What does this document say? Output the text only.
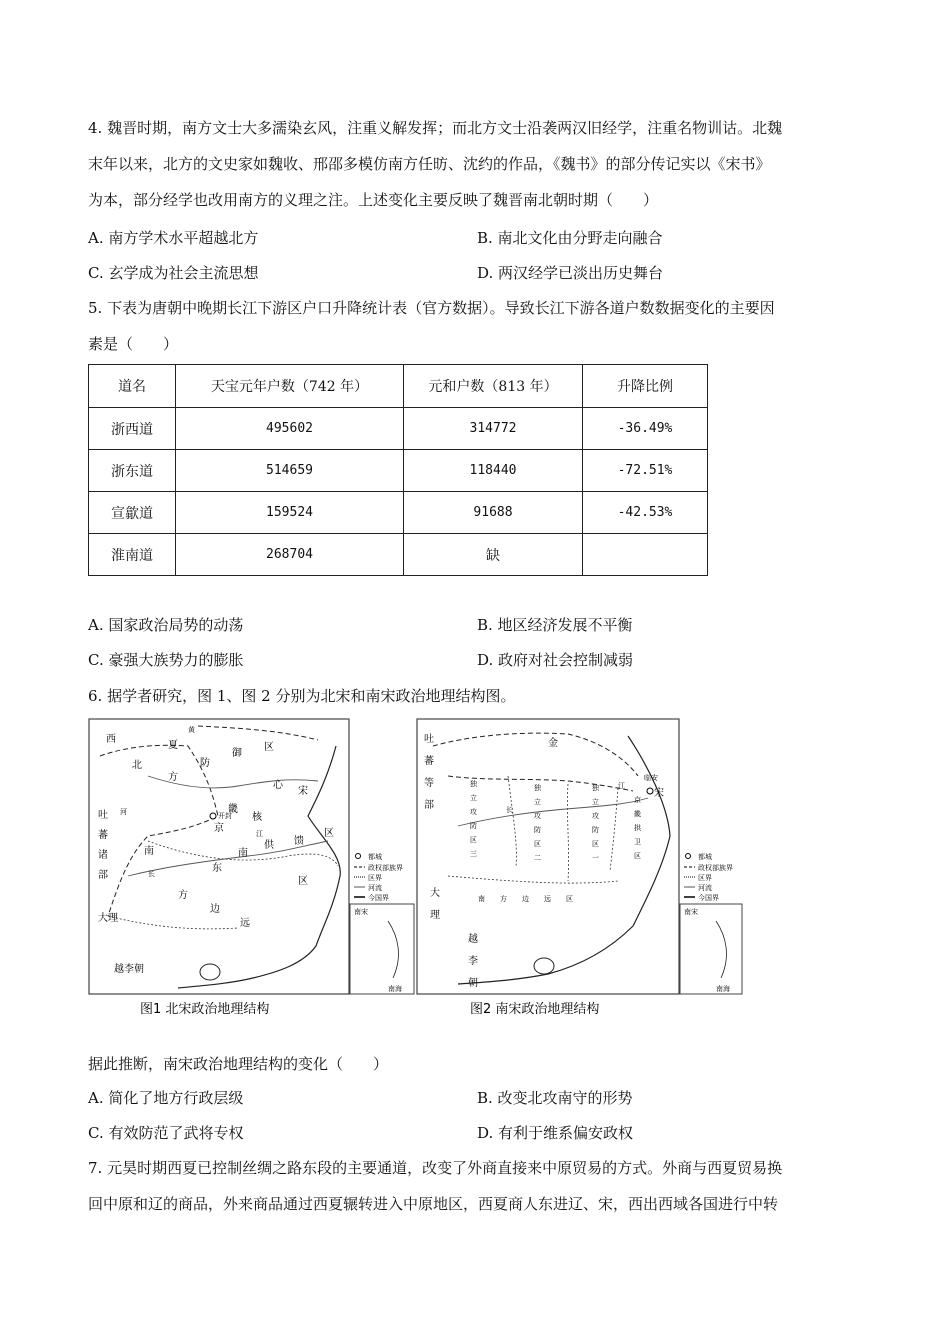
4. 魏晋时期，南方文士大多濡染玄风，注重义解发挥；而北方文士沿袭两汉旧经学，注重名物训诂。北魏
末年以来，北方的文史家如魏收、邢邵多模仿南方任昉、沈约的作品，《魏书》的部分传记实以《宋书》
为本，部分经学也改用南方的义理之注。上述变化主要反映了魏晋南北朝时期（　　）

A. 南方学术水平超越北方	B. 南北文化由分野走向融合
C. 玄学成为社会主流思想	D. 两汉经学已淡出历史舞台

5. 下表为唐朝中晚期长江下游区户口升降统计表（官方数据）。导致长江下游各道户数数据变化的主要因
素是（　　）

道名	天宝元年户数（742 年）	元和户数（813 年）	升降比例
浙西道	495602	314772	-36.49%
浙东道	514659	118440	-72.51%
宣歙道	159524	91688	-42.53%
淮南道	268704	缺	
A. 国家政治局势的动荡	B. 地区经济发展不平衡
C. 豪强大族势力的膨胀	D. 政府对社会控制减弱
6. 据学者研究，图 1、图 2 分别为北宋和南宋政治地理结构图。
西
夏
防
御
区
北
方
心
吐
蕃
诸
部
开封
宋
京
畿
核
南
东
南
供 馈
区
长
方
边
远
区
大理
越李朝
河
黄
江
都城
政权部族界
区界
河流
今国界
南宋
南海
吐
蕃
等
部
金
独
立
攻
防
区
三
独
立
攻
防
区
二
独
立
攻
防
区
一
临安
宋
京
畿
拱
卫
区
南 方 边 远 区
大
理
越
李
朝
长
江
都城
政权部族界
区界
河流
今国界
南宋
南海
图1 北宋政治地理结构	图2 南宋政治地理结构
据此推断，南宋政治地理结构的变化（　　）
A. 简化了地方行政层级	B. 改变北攻南守的形势
C. 有效防范了武将专权	D. 有利于维系偏安政权

7. 元昊时期西夏已控制丝绸之路东段的主要通道，改变了外商直接来中原贸易的方式。外商与西夏贸易换
回中原和辽的商品，外来商品通过西夏辗转进入中原地区，西夏商人东进辽、宋，西出西域各国进行中转
